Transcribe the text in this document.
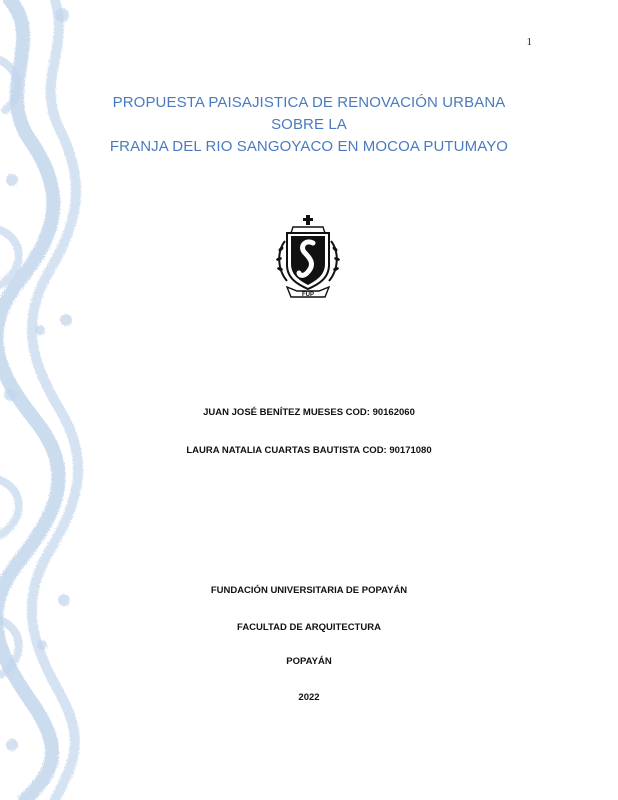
1
PROPUESTA PAISAJISTICA DE RENOVACIÓN URBANA SOBRE LA
FRANJA DEL RIO SANGOYACO EN MOCOA PUTUMAYO
FUP
JUAN JOSÉ BENÍTEZ MUESES COD: 90162060
LAURA NATALIA CUARTAS BAUTISTA COD: 90171080
FUNDACIÓN UNIVERSITARIA DE POPAYÁN
FACULTAD DE ARQUITECTURA
POPAYÁN
2022
